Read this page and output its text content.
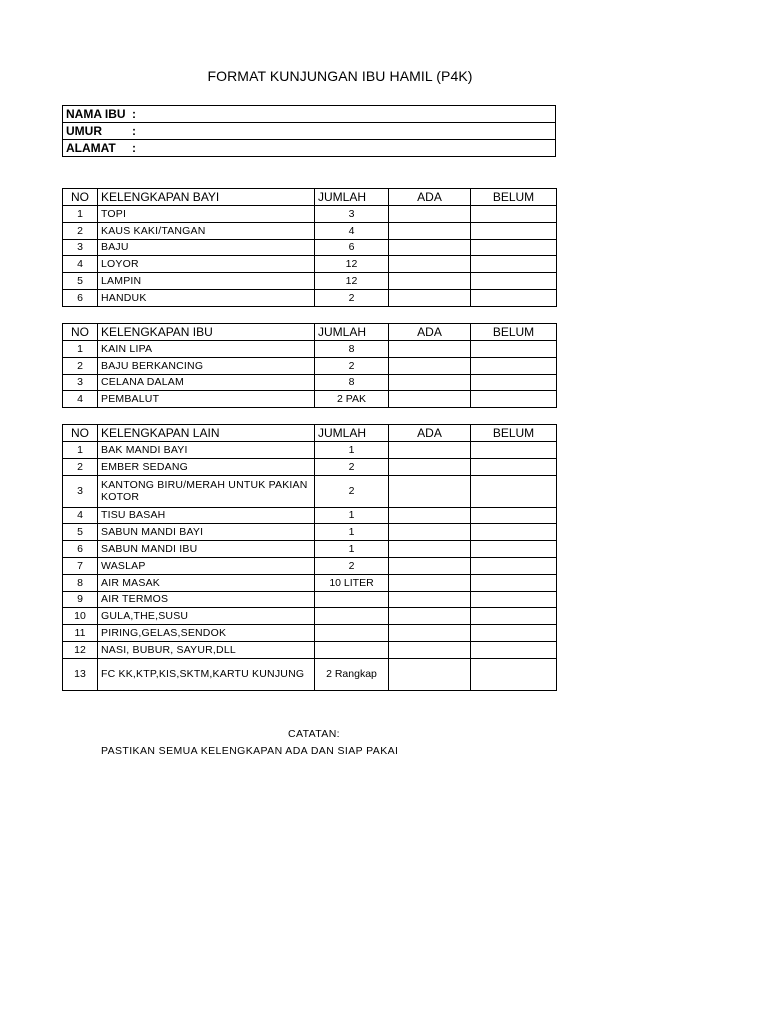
FORMAT KUNJUNGAN IBU HAMIL (P4K)
NAMA IBU :
UMUR	:
ALAMAT :
NO	KELENGKAPAN BAYI	JUMLAH	ADA	BELUM
1	TOPI	3		
2	KAUS KAKI/TANGAN	4		
3	BAJU	6		
4	LOYOR	12		
5	LAMPIN	12		
6	HANDUK	2		
NO	KELENGKAPAN IBU	JUMLAH	ADA	BELUM
1	KAIN LIPA	8		
2	BAJU BERKANCING	2		
3	CELANA DALAM	8		
4	PEMBALUT	2 PAK		
NO	KELENGKAPAN LAIN	JUMLAH	ADA	BELUM
1	BAK MANDI BAYI	1		
2	EMBER SEDANG	2		
3	KANTONG BIRU/MERAH UNTUK PAKIAN KOTOR	2		
4	TISU BASAH	1		
5	SABUN MANDI BAYI	1		
6	SABUN MANDI IBU	1		
7	WASLAP	2		
8	AIR MASAK	10 LITER		
9	AIR TERMOS			
10	GULA,THE,SUSU			
11	PIRING,GELAS,SENDOK			
12	NASI, BUBUR, SAYUR,DLL			
13	FC KK,KTP,KIS,SKTM,KARTU KUNJUNG	2 Rangkap		
CATATAN:
PASTIKAN SEMUA KELENGKAPAN ADA DAN SIAP PAKAI
